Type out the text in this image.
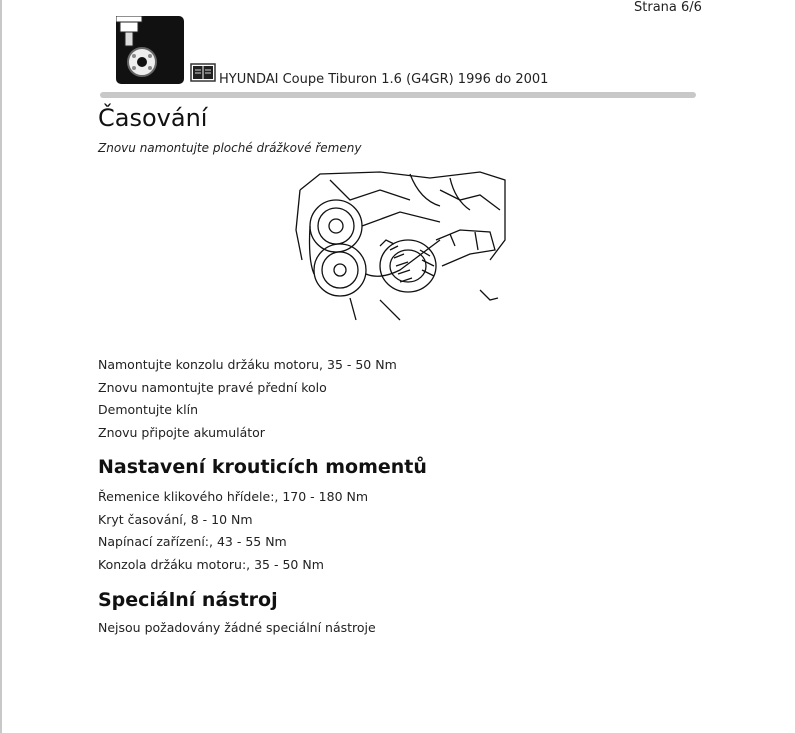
Strana 6/6
HYUNDAI Coupe Tiburon 1.6 (G4GR) 1996 do 2001
Časování
Znovu namontujte ploché drážkové řemeny
Namontujte konzolu držáku motoru, 35 - 50 Nm
Znovu namontujte pravé přední kolo
Demontujte klín
Znovu připojte akumulátor
Nastavení krouticích momentů
Řemenice klikového hřídele:, 170 - 180 Nm
Kryt časování, 8 - 10 Nm
Napínací zařízení:, 43 - 55 Nm
Konzola držáku motoru:, 35 - 50 Nm
Speciální nástroj
Nejsou požadovány žádné speciální nástroje
